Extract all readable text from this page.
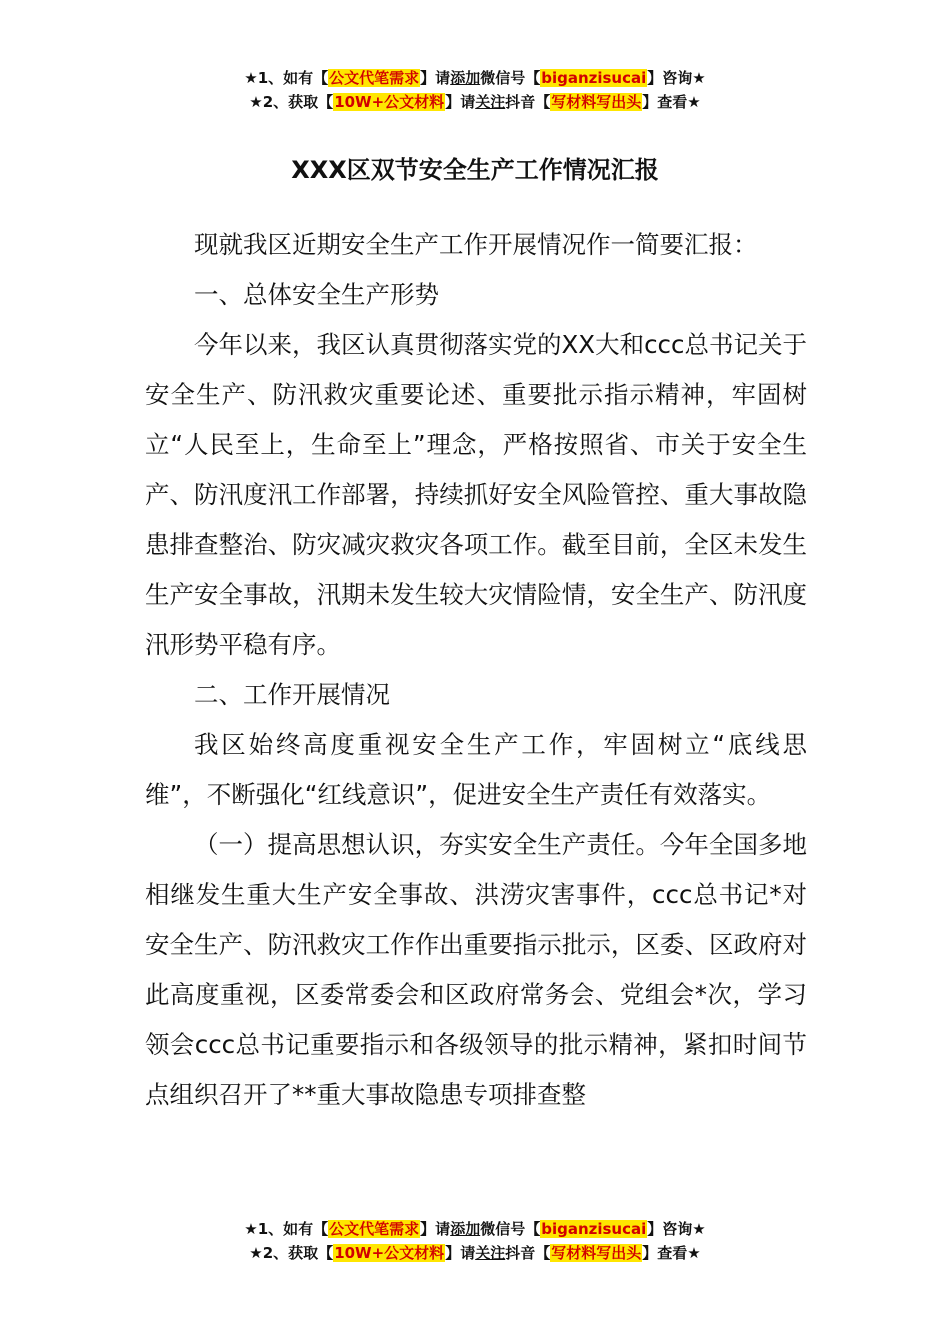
★1、如有【公文代笔需求】请添加微信号【biganzisucai】咨询★
★2、获取【10W+公文材料】请关注抖音【写材料写出头】查看★
XXX区双节安全生产工作情况汇报

现就我区近期安全生产工作开展情况作一简要汇报：

一、总体安全生产形势

今年以来，我区认真贯彻落实党的XX大和ccc总书记关于安全生产、防汛救灾重要论述、重要批示指示精神，牢固树立“人民至上，生命至上”理念，严格按照省、市关于安全生产、防汛度汛工作部署，持续抓好安全风险管控、重大事故隐患排查整治、防灾减灾救灾各项工作。截至目前，全区未发生生产安全事故，汛期未发生较大灾情险情，安全生产、防汛度汛形势平稳有序。

二、工作开展情况

我区始终高度重视安全生产工作，牢固树立“底线思维”，不断强化“红线意识”，促进安全生产责任有效落实。

（一）提高思想认识，夯实安全生产责任。今年全国多地相继发生重大生产安全事故、洪涝灾害事件，ccc总书记*对安全生产、防汛救灾工作作出重要指示批示，区委、区政府对此高度重视，区委常委会和区政府常务会、党组会*次，学习领会ccc总书记重要指示和各级领导的批示精神，紧扣时间节点组织召开了**重大事故隐患专项排查整

★1、如有【公文代笔需求】请添加微信号【biganzisucai】咨询★
★2、获取【10W+公文材料】请关注抖音【写材料写出头】查看★
